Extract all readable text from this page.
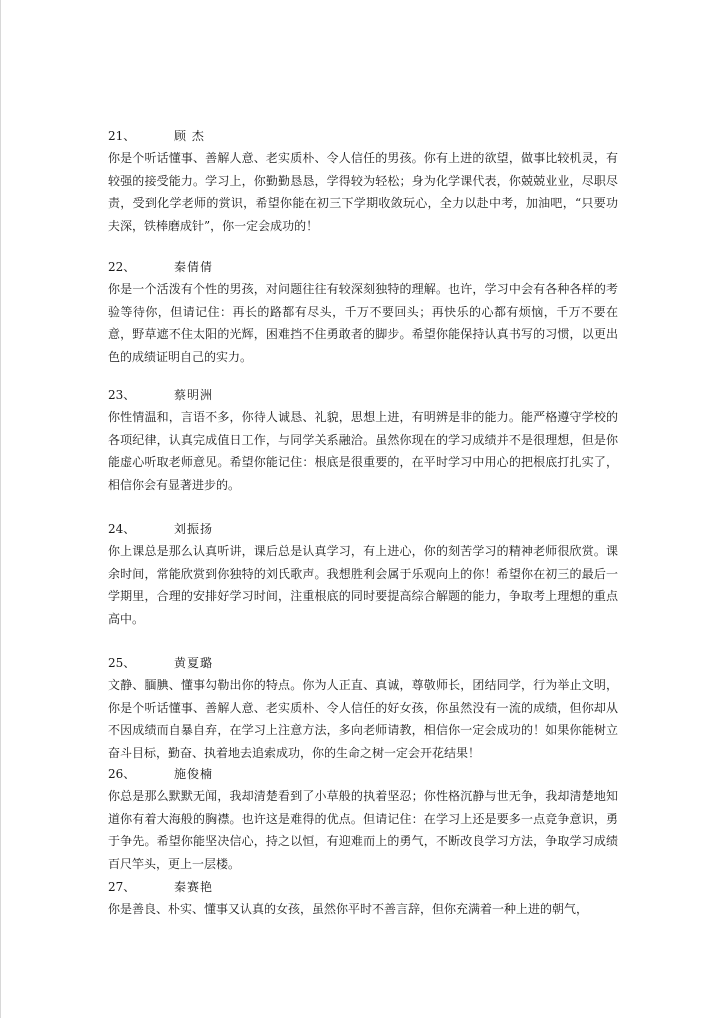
21、	顾 杰

你是个听话懂事、善解人意、老实质朴、令人信任的男孩。你有上进的欲望，做事比较机灵，有较强的接受能力。学习上，你勤勤恳恳，学得较为轻松；身为化学课代表，你兢兢业业，尽职尽责，受到化学老师的赏识，希望你能在初三下学期收敛玩心，全力以赴中考，加油吧，“只要功夫深，铁棒磨成针”，你一定会成功的！

22、	秦倩倩

你是一个活泼有个性的男孩，对问题往往有较深刻独特的理解。也许，学习中会有各种各样的考验等待你，但请记住：再长的路都有尽头，千万不要回头；再快乐的心都有烦恼，千万不要在意，野草遮不住太阳的光辉，困难挡不住勇敢者的脚步。希望你能保持认真书写的习惯，以更出色的成绩证明自己的实力。

23、	蔡明洲

你性情温和，言语不多，你待人诚恳、礼貌，思想上进，有明辨是非的能力。能严格遵守学校的各项纪律，认真完成值日工作，与同学关系融洽。虽然你现在的学习成绩并不是很理想，但是你能虚心听取老师意见。希望你能记住：根底是很重要的，在平时学习中用心的把根底打扎实了，相信你会有显著进步的。

24、	刘振扬

你上课总是那么认真听讲，课后总是认真学习，有上进心，你的刻苦学习的精神老师很欣赏。课余时间，常能欣赏到你独特的刘氏歌声。我想胜利会属于乐观向上的你！希望你在初三的最后一学期里，合理的安排好学习时间，注重根底的同时要提高综合解题的能力，争取考上理想的重点高中。

25、	黄夏璐

文静、腼腆、懂事勾勒出你的特点。你为人正直、真诚，尊敬师长，团结同学，行为举止文明，你是个听话懂事、善解人意、老实质朴、令人信任的好女孩，你虽然没有一流的成绩，但你却从不因成绩而自暴自弃，在学习上注意方法，多向老师请教，相信你一定会成功的！如果你能树立奋斗目标，勤奋、执着地去追索成功，你的生命之树一定会开花结果！

26、	施俊楠

你总是那么默默无闻，我却清楚看到了小草般的执着坚忍；你性格沉静与世无争，我却清楚地知道你有着大海般的胸襟。也许这是难得的优点。但请记住：在学习上还是要多一点竞争意识，勇于争先。希望你能坚决信心，持之以恒，有迎难而上的勇气，不断改良学习方法，争取学习成绩百尺竿头，更上一层楼。

27、	秦赛艳

你是善良、朴实、懂事又认真的女孩，虽然你平时不善言辞，但你充满着一种上进的朝气，
